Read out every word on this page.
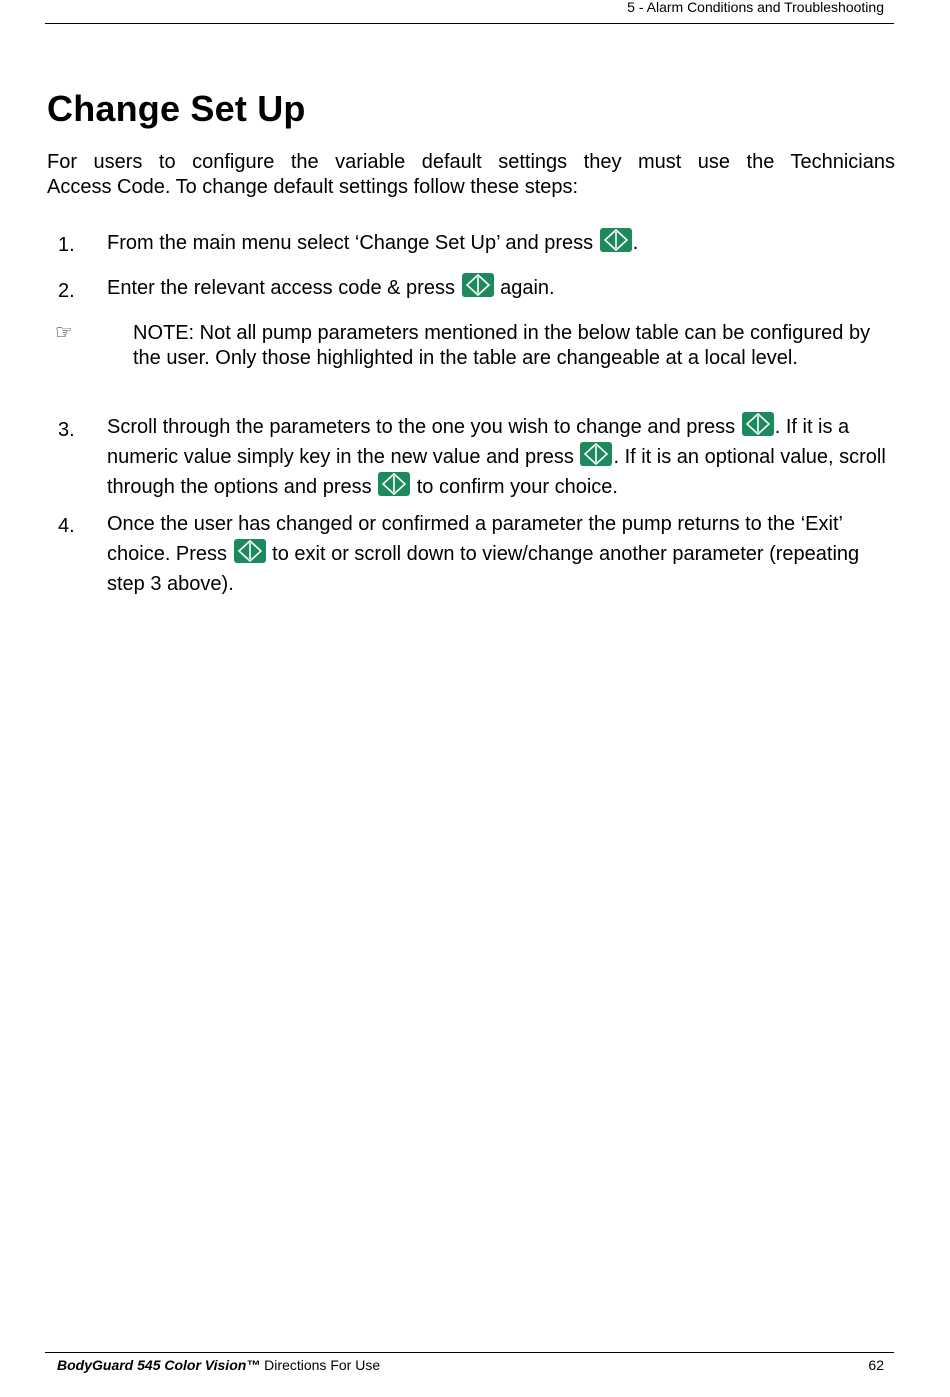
5 - Alarm Conditions and Troubleshooting
Change Set Up

For users to configure the variable default settings they must use the Technicians
Access Code. To change default settings follow these steps:

1. From the main menu select ‘Change Set Up’ and press
.
2. Enter the relevant access code & press
again.
☞	NOTE: Not all pump parameters mentioned in the below table can be configured by the user. Only those highlighted in the table are changeable at a local level.
3. Scroll through the parameters to the one you wish to change and press
. If it is a numeric value simply key in the new value and press
. If it is an optional value, scroll through the options and press
to confirm your choice.
4. Once the user has changed or confirmed a parameter the pump returns to the ‘Exit’ choice. Press
to exit or scroll down to view/change another parameter (repeating step 3 above).
BodyGuard 545 Color Vision™ Directions For Use	62
